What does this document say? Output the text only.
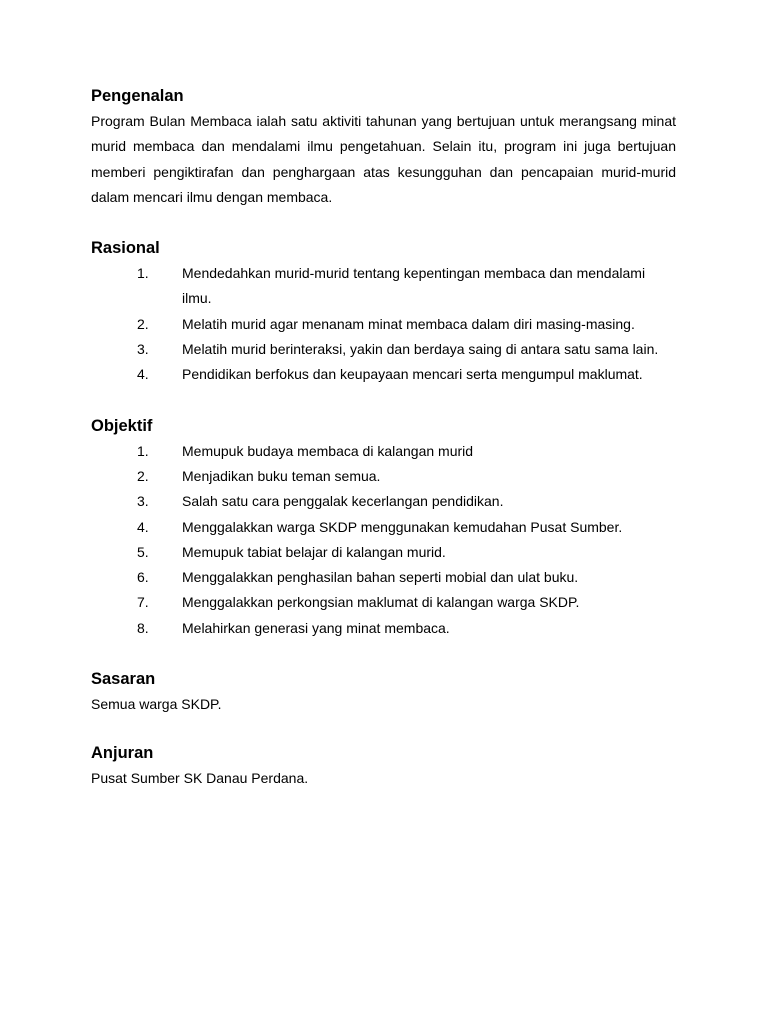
Pengenalan

Program Bulan Membaca ialah satu aktiviti tahunan yang bertujuan untuk merangsang minat murid membaca dan mendalami ilmu pengetahuan. Selain itu, program ini juga bertujuan memberi pengiktirafan dan penghargaan atas kesungguhan dan pencapaian murid-murid dalam mencari ilmu dengan membaca.

Rasional
1. Mendedahkan murid-murid tentang kepentingan membaca dan mendalami ilmu.
2. Melatih murid agar menanam minat membaca dalam diri masing-masing.
3. Melatih murid berinteraksi, yakin dan berdaya saing di antara satu sama lain.
4. Pendidikan berfokus dan keupayaan mencari serta mengumpul maklumat.
Objektif
1. Memupuk budaya membaca di kalangan murid
2. Menjadikan buku teman semua.
3. Salah satu cara penggalak kecerlangan pendidikan.
4. Menggalakkan warga SKDP menggunakan kemudahan Pusat Sumber.
5. Memupuk tabiat belajar di kalangan murid.
6. Menggalakkan penghasilan bahan seperti mobial dan ulat buku.
7. Menggalakkan perkongsian maklumat di kalangan warga SKDP.
8. Melahirkan generasi yang minat membaca.
Sasaran

Semua warga SKDP.

Anjuran

Pusat Sumber SK Danau Perdana.
